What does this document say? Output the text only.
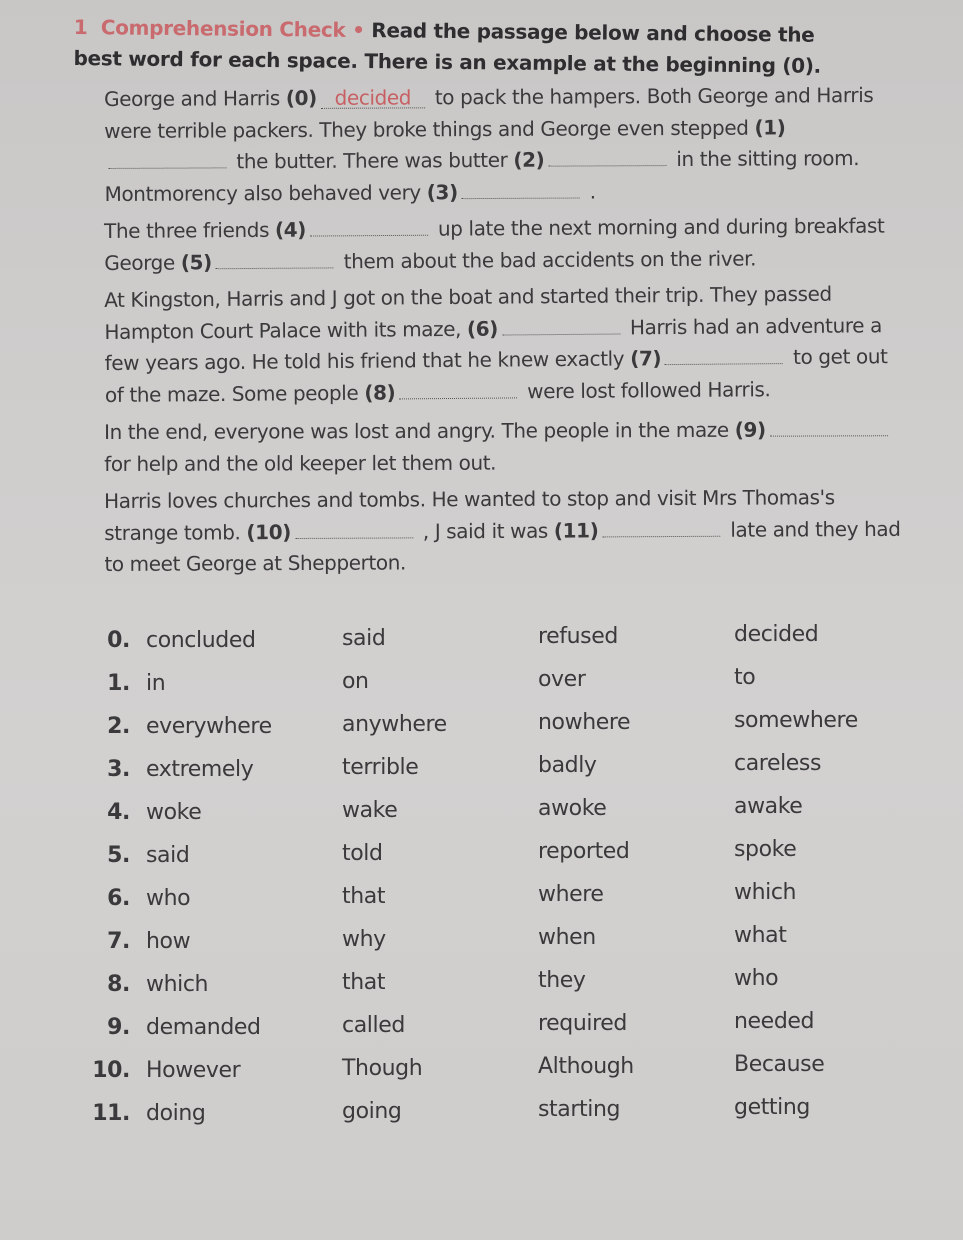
1 Comprehension Check • Read the passage below and choose the best word for each space. There is an example at the beginning (0).
George and Harris (0) decided to pack the hampers. Both George and Harris were terrible packers. They broke things and George even stepped (1) the butter. There was butter (2)	in the sitting room. Montmorency also behaved very (3)	.
The three friends (4)	up late the next morning and during breakfast George (5)	them about the bad accidents on the river.
At Kingston, Harris and J got on the boat and started their trip. They passed Hampton Court Palace with its maze, (6)	Harris had an adventure a few years ago. He told his friend that he knew exactly (7)	to get out of the maze. Some people (8)	were lost followed Harris.
In the end, everyone was lost and angry. The people in the maze (9) for help and the old keeper let them out.
Harris loves churches and tombs. He wanted to stop and visit Mrs Thomas's strange tomb. (10)	, J said it was (11)	late and they had to meet George at Shepperton.
0. concluded	said	refused	decided
1. in	on	over	to
2. everywhere	anywhere	nowhere	somewhere
3. extremely	terrible	badly	careless
4. woke	wake	awoke	awake
5. said	told	reported	spoke
6. who	that	where	which
7. how	why	when	what
8. which	that	they	who
9. demanded	called	required	needed
10. However	Though	Although	Because
11. doing	going	starting	getting
